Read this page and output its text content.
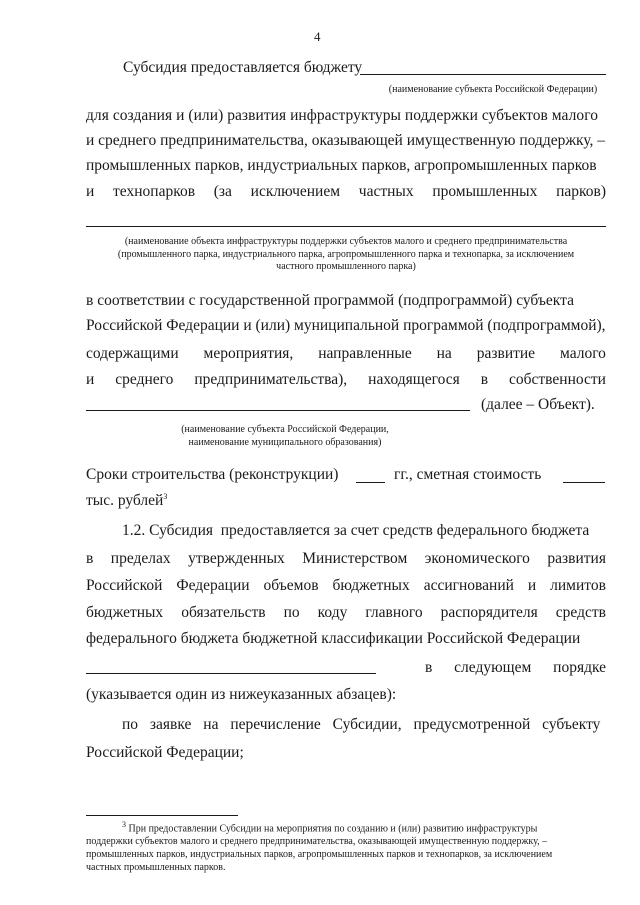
4
Субсидия предоставляется бюджету
(наименование субъекта Российской Федерации)
для создания и (или) развития инфраструктуры поддержки субъектов малого
и среднего предпринимательства, оказывающей имущественную поддержку, –
промышленных парков, индустриальных парков, агропромышленных парков
и технопарков (за исключением частных промышленных парков)
(наименование объекта инфраструктуры поддержки субъектов малого и среднего предпринимательства
(промышленного парка, индустриального парка, агропромышленного парка и технопарка, за исключением
частного промышленного парка)
в соответствии с государственной программой (подпрограммой) субъекта
Российской Федерации и (или) муниципальной программой (подпрограммой),
содержащими мероприятия, направленные на развитие малого
и среднего предпринимательства), находящегося в собственности
(далее – Объект).
(наименование субъекта Российской Федерации,
наименование муниципального образования)
Сроки строительства (реконструкции)	гг., сметная стоимость
тыс. рублей$^3$
1.2. Субсидия  предоставляется за счет средств федерального бюджета
в пределах утвержденных Министерством экономического развития
Российской Федерации объемов бюджетных ассигнований и лимитов
бюджетных обязательств по коду главного распорядителя средств
федерального бюджета бюджетной классификации Российской Федерации
в следующем порядке
(указывается один из нижеуказанных абзацев):
по заявке на перечисление Субсидии, предусмотренной субъекту
Российской Федерации;
$^3$ При предоставлении Субсидии на мероприятия по созданию и (или) развитию инфраструктуры
поддержки субъектов малого и среднего предпринимательства, оказывающей имущественную поддержку, –
промышленных парков, индустриальных парков, агропромышленных парков и технопарков, за исключением
частных промышленных парков.
